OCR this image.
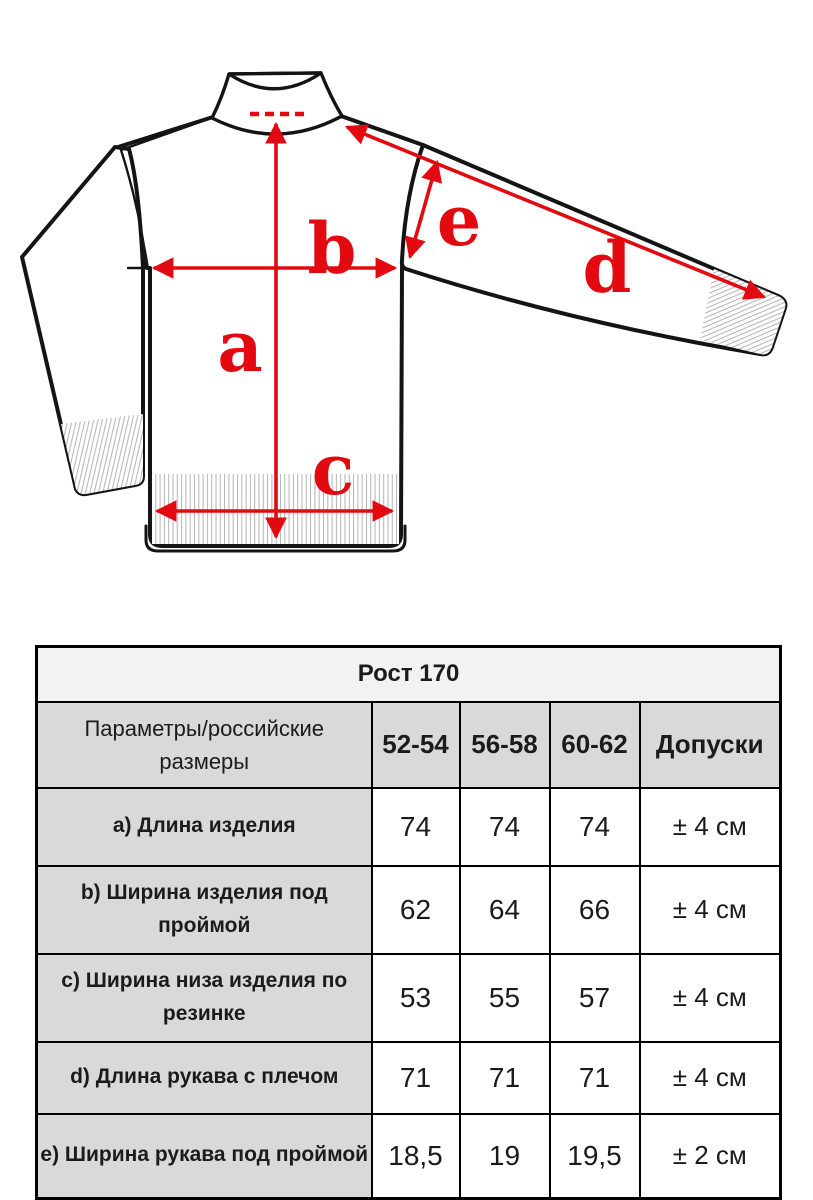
a
b
c
d
e
Рост 170				

Параметры/российские размеры	52-54	56-58	60-62	Допуски
a) Длина изделия	74	74	74	± 4 см
b) Ширина изделия под проймой	62	64	66	± 4 см
c) Ширина низа изделия по резинке	53	55	57	± 4 см
d) Длина рукава с плечом	71	71	71	± 4 см
e) Ширина рукава под проймой	18,5	19	19,5	± 2 см
